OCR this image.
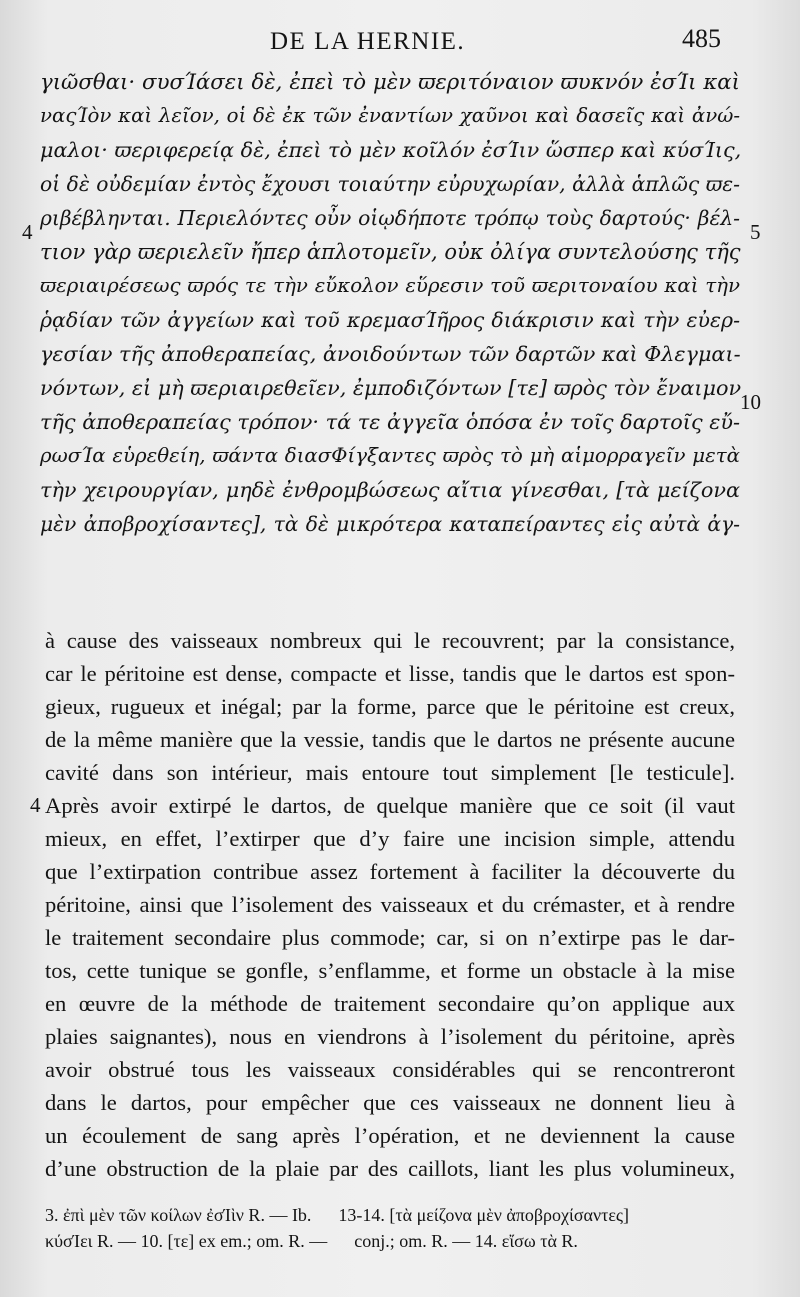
DE LA HERNIE.	485
γιῶσθαι· συσΊάσει δὲ, ἐπεὶ τὸ μὲν ϖεριτόναιον ϖυκνόν ἐσΊι καὶ
ναςΊὸν καὶ λεῖον, οἱ δὲ ἐκ τῶν ἐναντίων χαῦνοι καὶ δασεῖς καὶ ἀνώ-
μαλοι· ϖεριφερείᾳ δὲ, ἐπεὶ τὸ μὲν κοῖλόν ἐσΊιν ὥσπερ καὶ κύσΊις,
οἱ δὲ οὐδεμίαν ἐντὸς ἔχουσι τοιαύτην εὐρυχωρίαν, ἀλλὰ ἁπλῶς ϖε-
ριβέβληνται. Περιελόντες οὖν οἱῳδήποτε τρόπῳ τοὺς δαρτούς· βέλ-
τιον γὰρ ϖεριελεῖν ἤπερ ἁπλοτομεῖν, οὐκ ὀλίγα συντελούσης τῆς
ϖεριαιρέσεως ϖρός τε τὴν εὔκολον εὕρεσιν τοῦ ϖεριτοναίου καὶ τὴν
ῥᾳδίαν τῶν ἀγγείων καὶ τοῦ κρεμασΊῆρος διάκρισιν καὶ τὴν εὐερ-
γεσίαν τῆς ἀποθεραπείας, ἀνοιδούντων τῶν δαρτῶν καὶ Φλεγμαι-
νόντων, εἰ μὴ ϖεριαιρεθεῖεν, ἐμποδιζόντων [τε] ϖρὸς τὸν ἔναιμον
τῆς ἀποθεραπείας τρόπον· τά τε ἀγγεῖα ὁπόσα ἐν τοῖς δαρτοῖς εὔ-
ρωσΊα εὑρεθείη, ϖάντα διασΦίγξαντες ϖρὸς τὸ μὴ αἱμορραγεῖν μετὰ
τὴν χειρουργίαν, μηδὲ ἐνθρομβώσεως αἴτια γίνεσθαι, [τὰ μείζονα
μὲν ἀποβροχίσαντες], τὰ δὲ μικρότερα καταπείραντες εἰς αὐτὰ ἀγ-
4	5
10
à cause des vaisseaux nombreux qui le recouvrent; par la consistance,
car le péritoine est dense, compacte et lisse, tandis que le dartos est spon-
gieux, rugueux et inégal; par la forme, parce que le péritoine est creux,
de la même manière que la vessie, tandis que le dartos ne présente aucune
cavité dans son intérieur, mais entoure tout simplement [le testicule].
Après avoir extirpé le dartos, de quelque manière que ce soit (il vaut
mieux, en effet, l’extirper que d’y faire une incision simple, attendu
que l’extirpation contribue assez fortement à faciliter la découverte du
péritoine, ainsi que l’isolement des vaisseaux et du crémaster, et à rendre
le traitement secondaire plus commode; car, si on n’extirpe pas le dar-
tos, cette tunique se gonfle, s’enflamme, et forme un obstacle à la mise
en œuvre de la méthode de traitement secondaire qu’on applique aux
plaies saignantes), nous en viendrons à l’isolement du péritoine, après
avoir obstrué tous les vaisseaux considérables qui se rencontreront
dans le dartos, pour empêcher que ces vaisseaux ne donnent lieu à
un écoulement de sang après l’opération, et ne deviennent la cause
d’une obstruction de la plaie par des caillots, liant les plus volumineux,
4
3. ἐπὶ μὲν τῶν κοίλων ἐσΊὶν R. — Ib.      13-14. [τὰ μείζονα μὲν ἀποβροχίσαντες]
κύσΊει R. — 10. [τε] ex em.; om. R. —      conj.; om. R. — 14. εἴσω τὰ R.
